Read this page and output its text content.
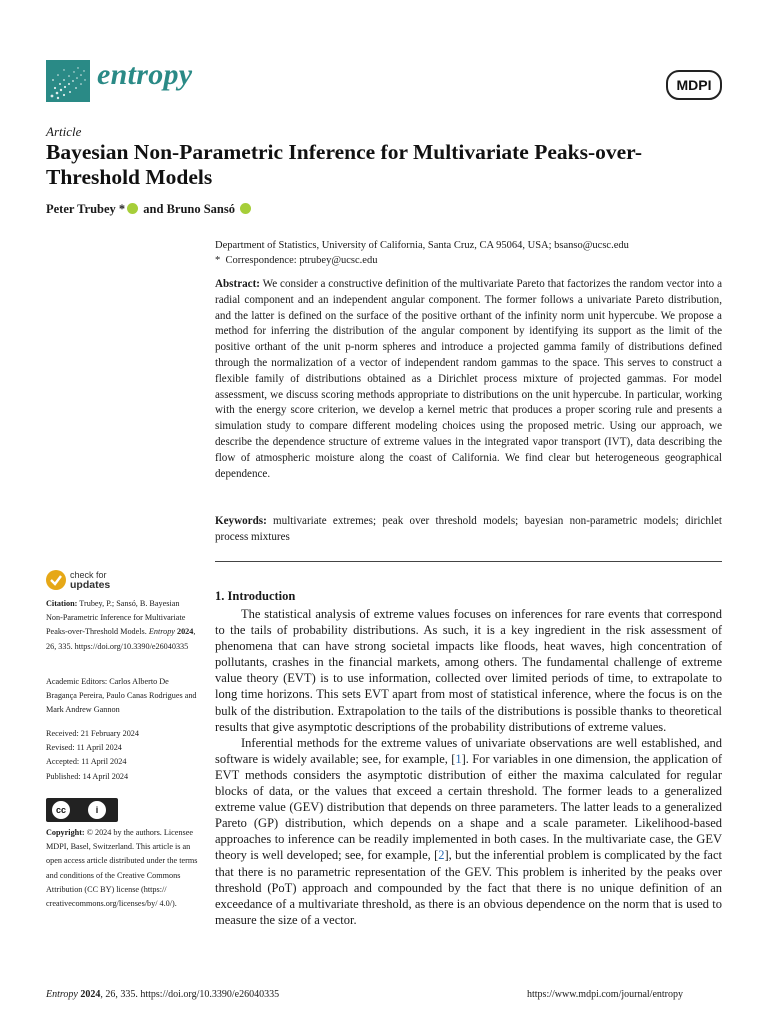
entropy	MDPI
Article
Bayesian Non-Parametric Inference for Multivariate Peaks-over-Threshold Models
Peter Trubey * and Bruno Sansó
Department of Statistics, University of California, Santa Cruz, CA 95064, USA; bsanso@ucsc.edu
* Correspondence: ptrubey@ucsc.edu
Abstract: We consider a constructive definition of the multivariate Pareto that factorizes the random vector into a radial component and an independent angular component. The former follows a univariate Pareto distribution, and the latter is defined on the surface of the positive orthant of the infinity norm unit hypercube. We propose a method for inferring the distribution of the angular component by identifying its support as the limit of the positive orthant of the unit p-norm spheres and introduce a projected gamma family of distributions defined through the normalization of a vector of independent random gammas to the space. This serves to construct a flexible family of distributions obtained as a Dirichlet process mixture of projected gammas. For model assessment, we discuss scoring methods appropriate to distributions on the unit hypercube. In particular, working with the energy score criterion, we develop a kernel metric that produces a proper scoring rule and presents a simulation study to compare different modeling choices using the proposed metric. Using our approach, we describe the dependence structure of extreme values in the integrated vapor transport (IVT), data describing the flow of atmospheric moisture along the coast of California. We find clear but heterogeneous geographical dependence.
Keywords: multivariate extremes; peak over threshold models; bayesian non-parametric models; dirichlet process mixtures
check for
updates
Citation: Trubey, P.; Sansó, B. Bayesian Non-Parametric Inference for Multivariate Peaks-over-Threshold Models. Entropy 2024, 26, 335. https://doi.org/10.3390/e26040335
Academic Editors: Carlos Alberto De Bragança Pereira, Paulo Canas Rodrigues and Mark Andrew Gannon
Received: 21 February 2024
Revised: 11 April 2024
Accepted: 11 April 2024
Published: 14 April 2024
cc	i
Copyright: © 2024 by the authors. Licensee MDPI, Basel, Switzerland. This article is an open access article distributed under the terms and conditions of the Creative Commons Attribution (CC BY) license (https:// creativecommons.org/licenses/by/ 4.0/).
1. Introduction

The statistical analysis of extreme values focuses on inferences for rare events that correspond to the tails of probability distributions. As such, it is a key ingredient in the risk assessment of phenomena that can have strong societal impacts like floods, heat waves, high concentration of pollutants, crashes in the financial markets, among others. The fundamental challenge of extreme value theory (EVT) is to use information, collected over limited periods of time, to extrapolate to long time horizons. This sets EVT apart from most of statistical inference, where the focus is on the bulk of the distribution. Extrapolation to the tails of the distributions is possible thanks to theoretical results that give asymptotic descriptions of the probability distributions of extreme values.

Inferential methods for the extreme values of univariate observations are well established, and software is widely available; see, for example, [1]. For variables in one dimension, the application of EVT methods considers the asymptotic distribution of either the maxima calculated for regular blocks of data, or the values that exceed a certain threshold. The former leads to a generalized extreme value (GEV) distribution that depends on three parameters. The latter leads to a generalized Pareto (GP) distribution, which depends on a shape and a scale parameter. Likelihood-based approaches to inference can be readily implemented in both cases. In the multivariate case, the GEV theory is well developed; see, for example, [2], but the inferential problem is complicated by the fact that there is no parametric representation of the GEV. This problem is inherited by the peaks over threshold (PoT) approach and compounded by the fact that there is no unique definition of an exceedance of a multivariate threshold, as there is an obvious dependence on the norm that is used to measure the size of a vector.

Entropy 2024, 26, 335. https://doi.org/10.3390/e26040335	https://www.mdpi.com/journal/entropy
